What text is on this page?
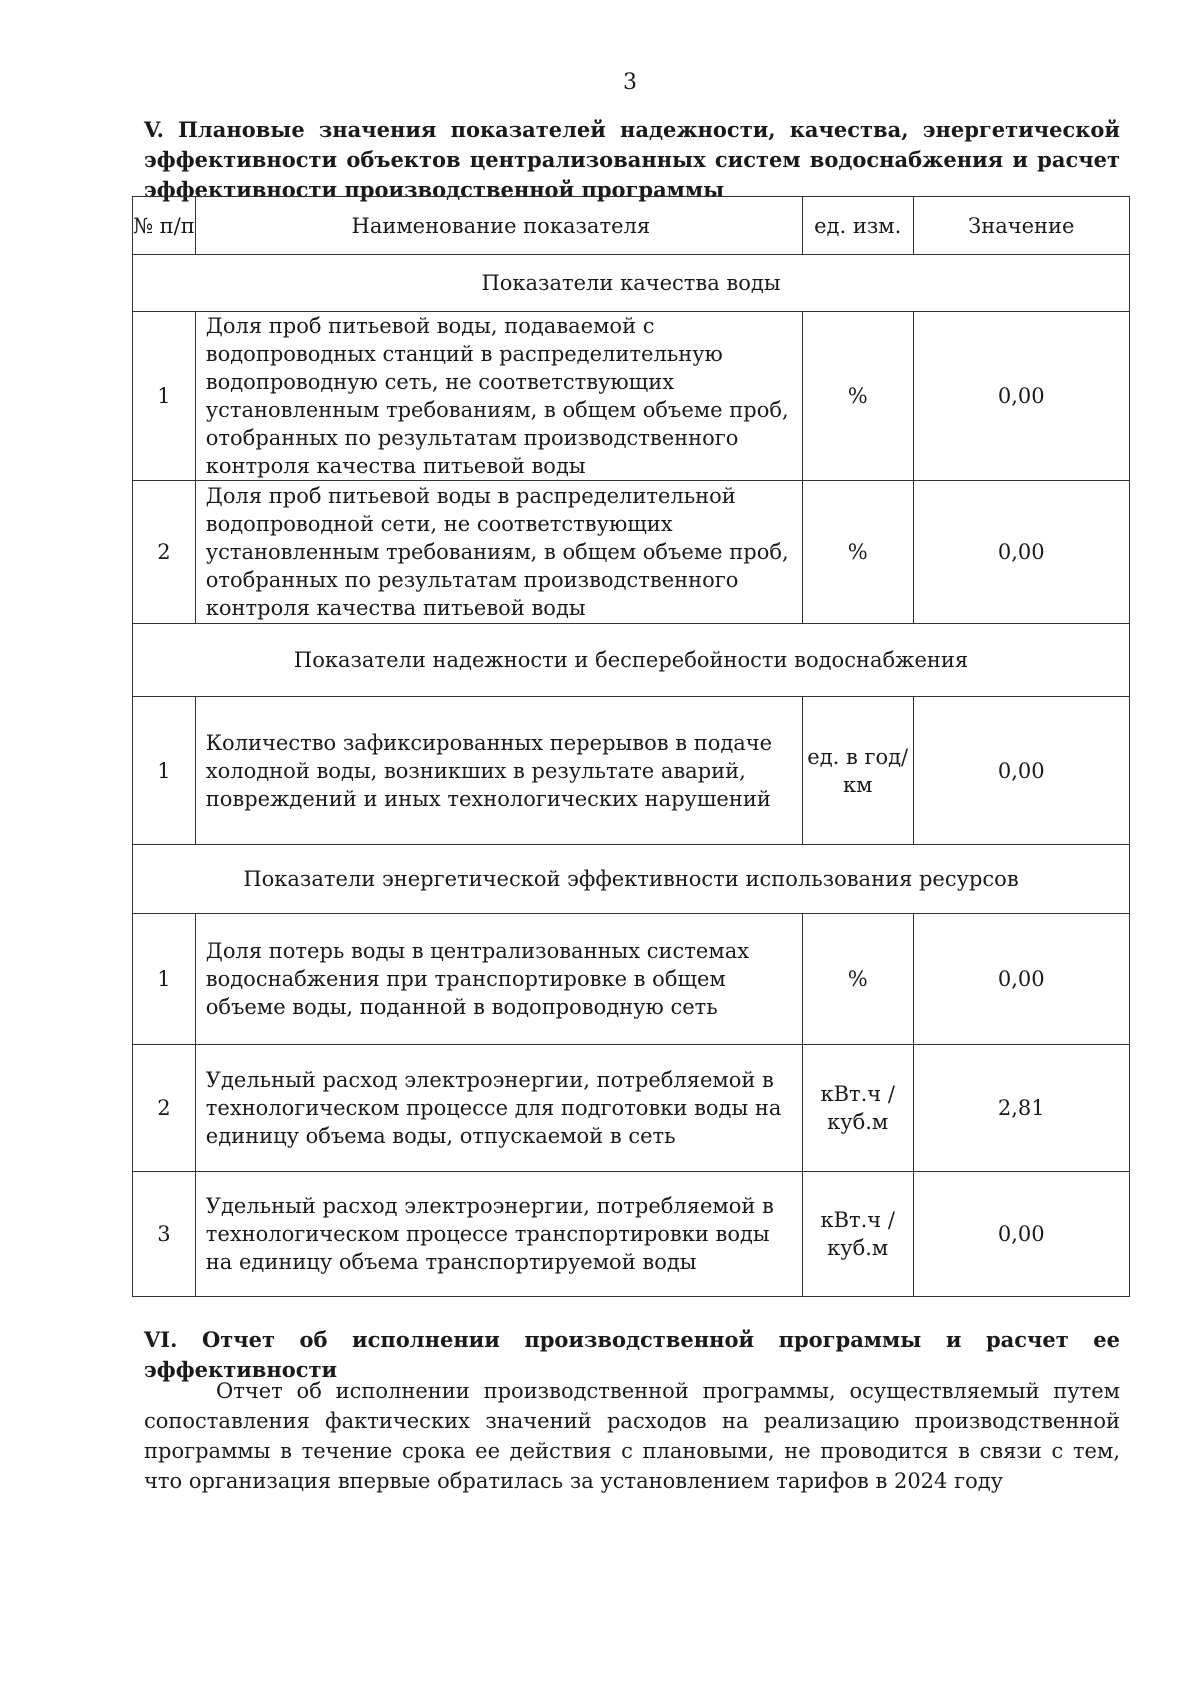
3
V. Плановые значения показателей надежности, качества, энергетической
эффективности объектов централизованных систем водоснабжения и расчет
эффективности производственной программы
№ п/п	Наименование показателя	ед. изм.	Значение
Показатели качества воды			
1	Доля проб питьевой воды, подаваемой с водопроводных станций в распределительную водопроводную сеть, не соответствующих установленным требованиям, в общем объеме проб, отобранных по результатам производственного контроля качества питьевой воды	%	0,00
2	Доля проб питьевой воды в распределительной водопроводной сети, не соответствующих установленным требованиям, в общем объеме проб, отобранных по результатам производственного контроля качества питьевой воды	%	0,00
Показатели надежности и бесперебойности водоснабжения			
1	Количество зафиксированных перерывов в подаче холодной воды, возникших в результате аварий, повреждений и иных технологических нарушений	ед. в год/ км	0,00
Показатели энергетической эффективности использования ресурсов			
1	Доля потерь воды в централизованных системах водоснабжения при транспортировке в общем объеме воды, поданной в водопроводную сеть	%	0,00
2	Удельный расход электроэнергии, потребляемой в технологическом процессе для подготовки воды на единицу объема воды, отпускаемой в сеть	кВт.ч / куб.м	2,81
3	Удельный расход электроэнергии, потребляемой в технологическом процессе транспортировки воды на единицу объема транспортируемой воды	кВт.ч / куб.м	0,00
VI. Отчет об исполнении производственной программы и расчет ее эффективности
Отчет об исполнении производственной программы, осуществляемый путем сопоставления фактических значений расходов на реализацию производственной программы в течение срока ее действия с плановыми, не проводится в связи с тем, что организация впервые обратилась за установлением тарифов в 2024 году
